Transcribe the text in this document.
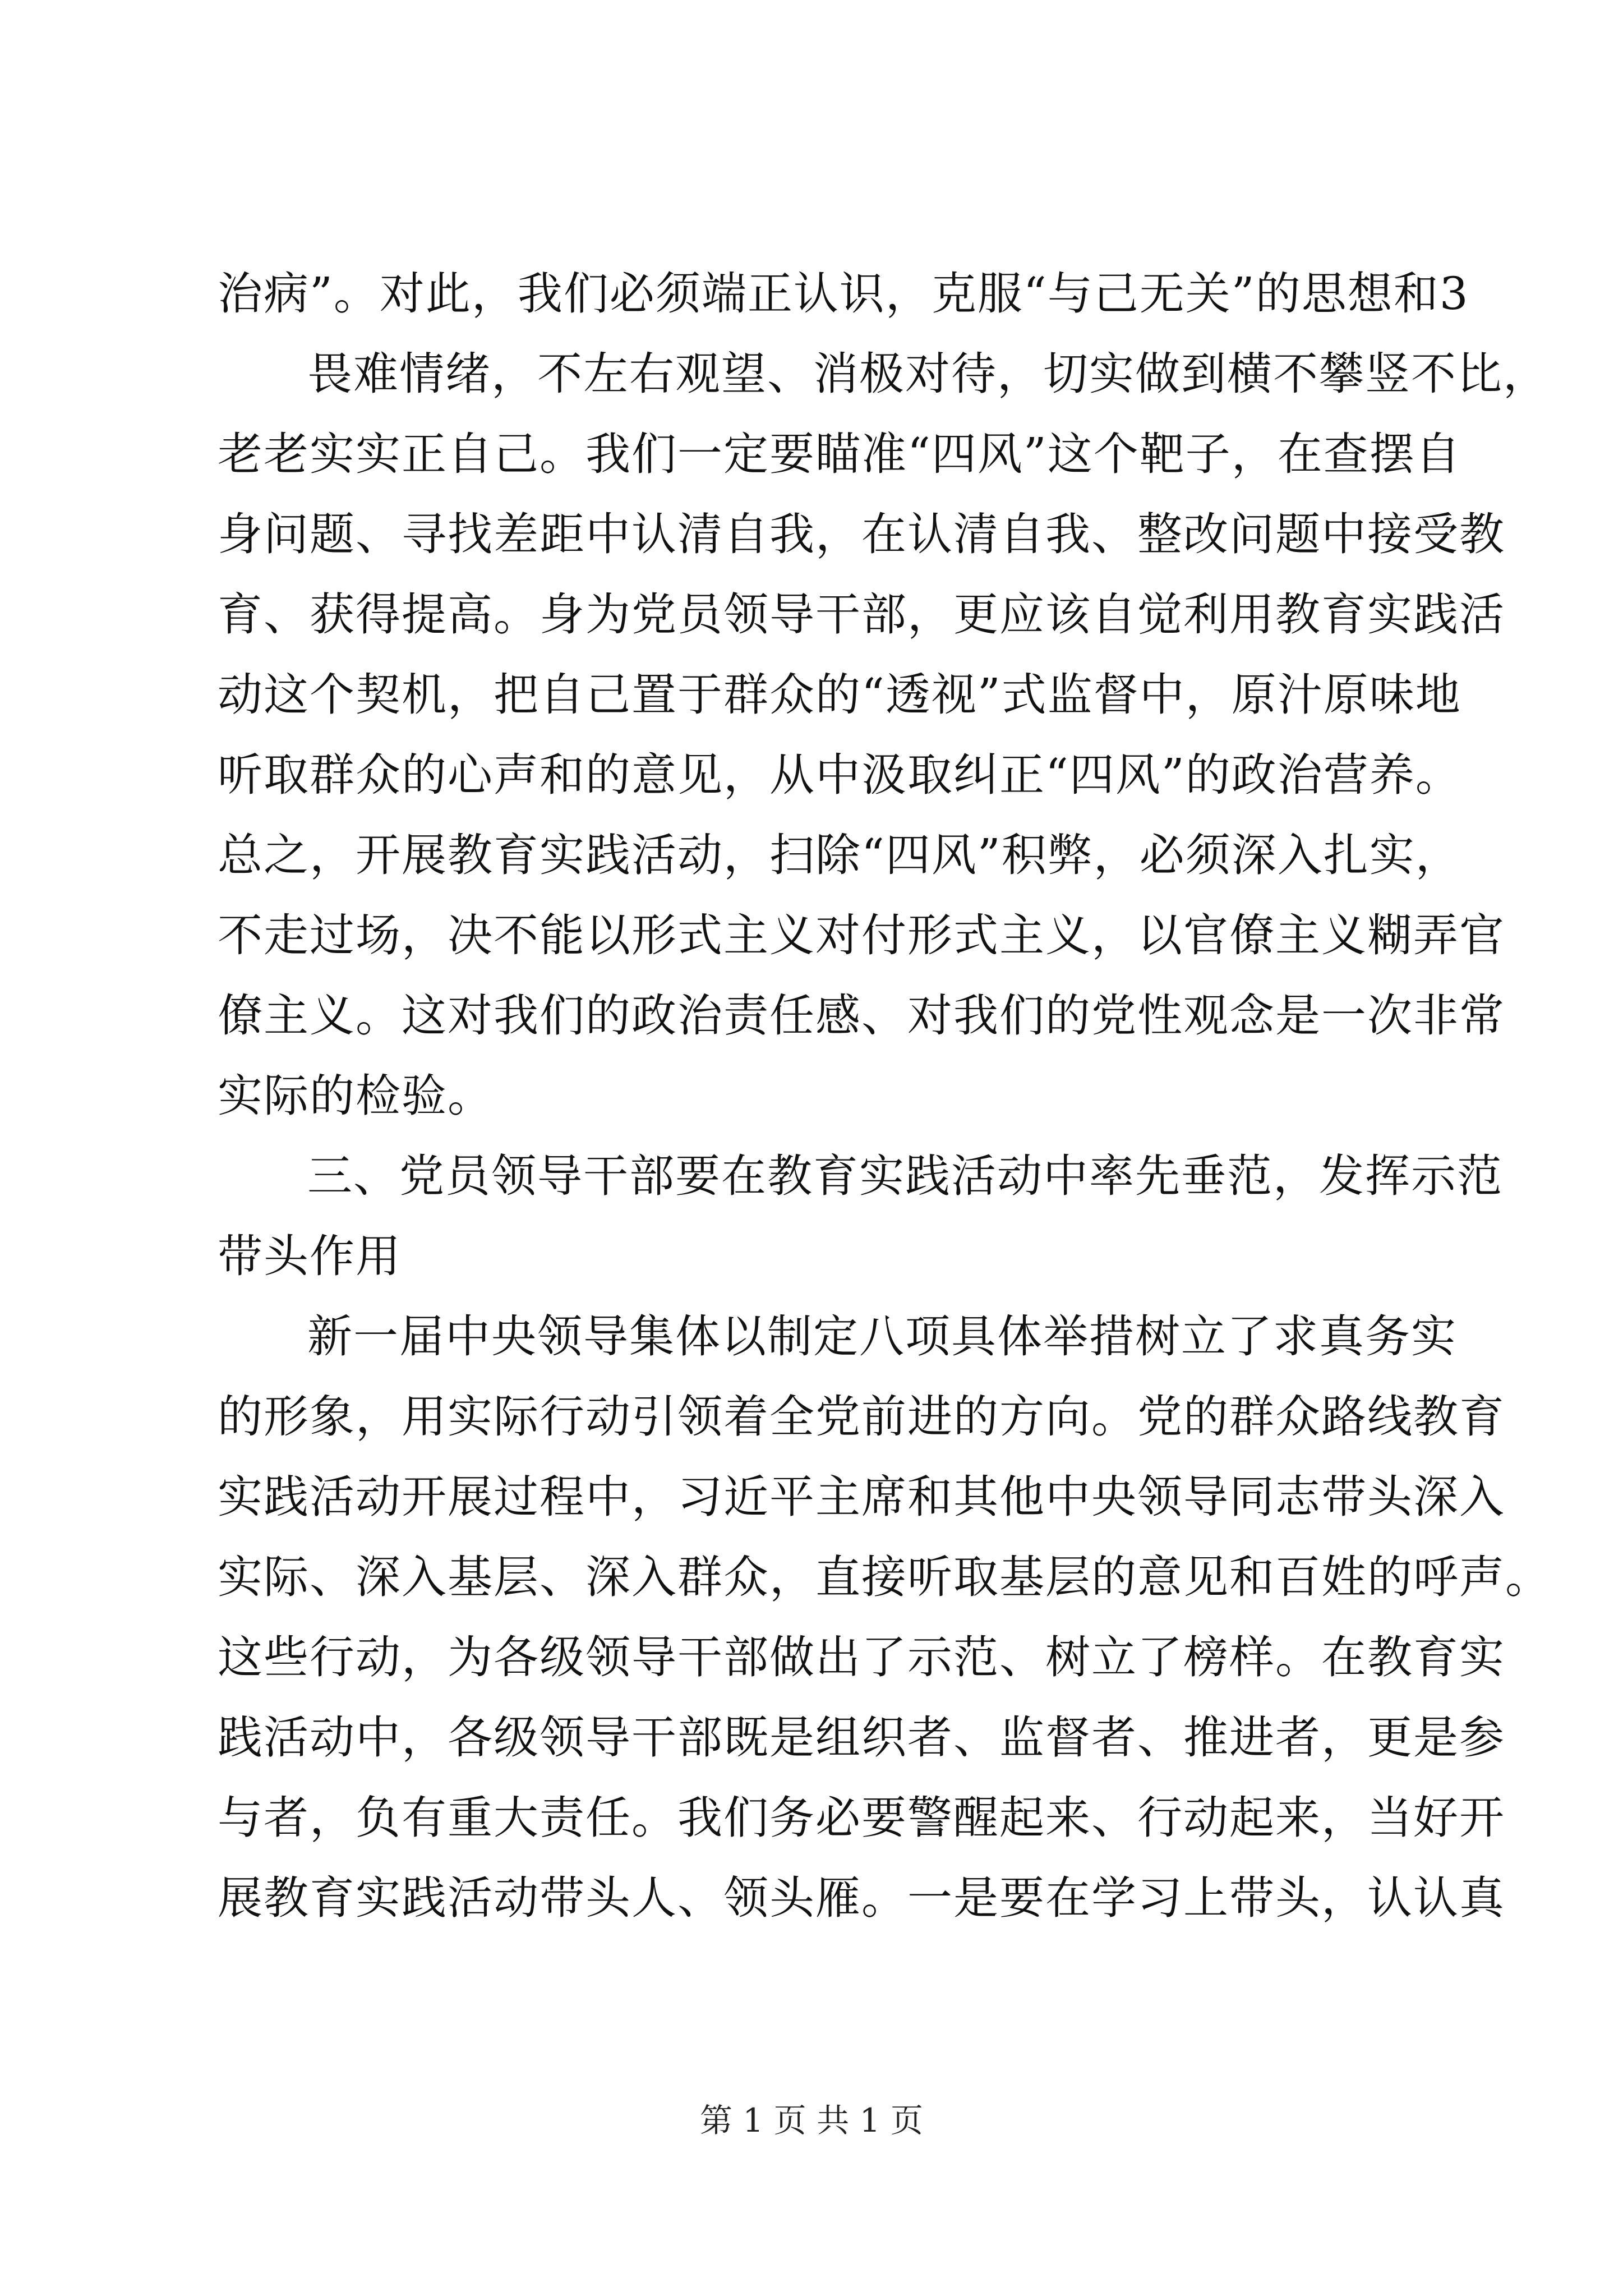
治病”。对此，我们必须端正认识，克服“与己无关”的思想和3
畏难情绪，不左右观望、消极对待，切实做到横不攀竖不比，
老老实实正自己。我们一定要瞄准“四风”这个靶子，在查摆自
身问题、寻找差距中认清自我，在认清自我、整改问题中接受教
育、获得提高。身为党员领导干部，更应该自觉利用教育实践活
动这个契机，把自己置于群众的“透视”式监督中，原汁原味地
听取群众的心声和的意见，从中汲取纠正“四风”的政治营养。
总之，开展教育实践活动，扫除“四风”积弊，必须深入扎实，
不走过场，决不能以形式主义对付形式主义，以官僚主义糊弄官
僚主义。这对我们的政治责任感、对我们的党性观念是一次非常
实际的检验。
三、党员领导干部要在教育实践活动中率先垂范，发挥示范
带头作用
新一届中央领导集体以制定八项具体举措树立了求真务实
的形象，用实际行动引领着全党前进的方向。党的群众路线教育
实践活动开展过程中，习近平主席和其他中央领导同志带头深入
实际、深入基层、深入群众，直接听取基层的意见和百姓的呼声。
这些行动，为各级领导干部做出了示范、树立了榜样。在教育实
践活动中，各级领导干部既是组织者、监督者、推进者，更是参
与者，负有重大责任。我们务必要警醒起来、行动起来，当好开
展教育实践活动带头人、领头雁。一是要在学习上带头，认认真
第 1 页 共 1 页
